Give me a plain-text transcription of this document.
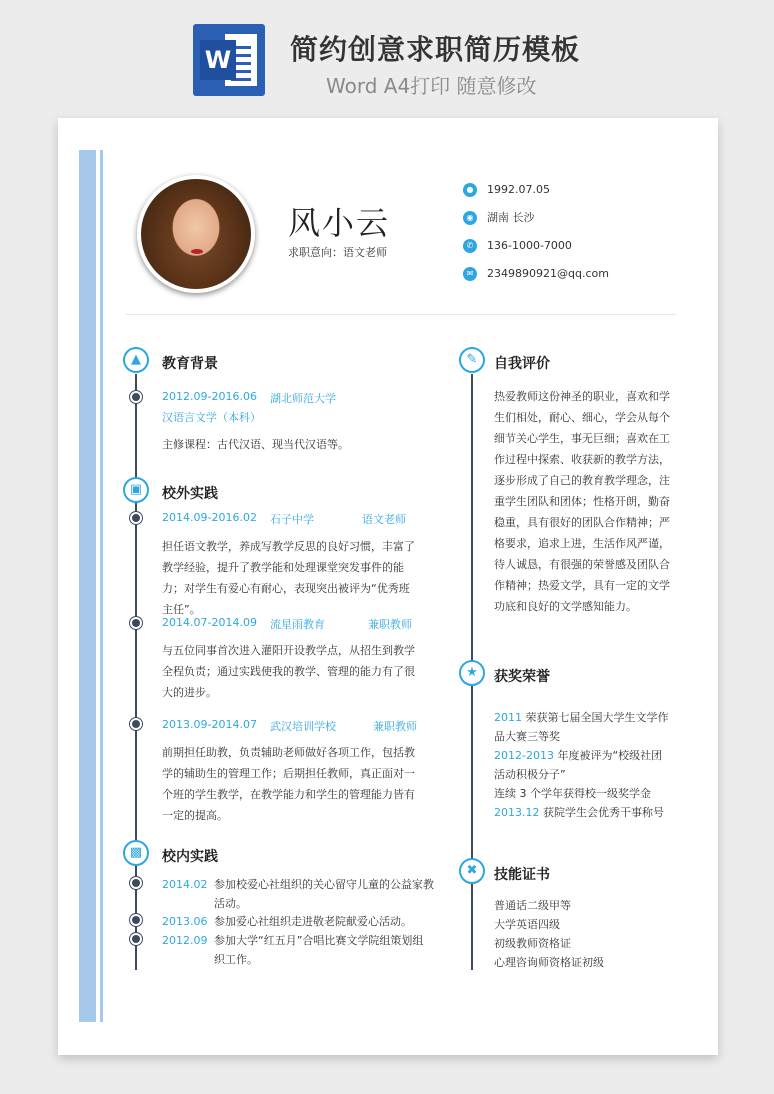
W 简约创意求职简历模板
Word A4打印 随意修改
风小云
求职意向：语文老师
●	1992.07.05
◉	湖南 长沙
✆	136-1000-7000
✉	2349890921@qq.com
▲	教育背景
2012.09-2016.06 湖北师范大学
汉语言文学（本科）
主修课程：古代汉语、现当代汉语等。
▣	校外实践
2014.09-2016.02 石子中学	语文老师
担任语文教学，养成写教学反思的良好习惯，丰富了教学经验，提升了教学能和处理课堂突发事件的能力；对学生有爱心有耐心，表现突出被评为“优秀班主任”。
2014.07-2014.09 流星雨教育	兼职教师
与五位同事首次进入灌阳开设教学点，从招生到教学全程负责；通过实践使我的教学、管理的能力有了很大的进步。
2013.09-2014.07 武汉培训学校	兼职教师
前期担任助教，负责辅助老师做好各项工作，包括教学的辅助生的管理工作；后期担任教师，真正面对一个班的学生教学，在教学能力和学生的管理能力皆有一定的提高。
▩	校内实践
2014.02 参加校爱心社组织的关心留守儿童的公益家教活动。
2013.06 参加爱心社组织走进敬老院献爱心活动。
2012.09 参加大学“红五月”合唱比赛文学院组策划组织工作。
✎	自我评价
热爱教师这份神圣的职业，喜欢和学生们相处，耐心、细心，学会从每个细节关心学生，事无巨细；喜欢在工作过程中探索、收获新的教学方法，逐步形成了自己的教育教学理念，注重学生团队和团体；性格开朗，勤奋稳重，具有很好的团队合作精神；严格要求，追求上进，生活作风严谨，待人诚恳，有很强的荣誉感及团队合作精神；热爱文学，具有一定的文学功底和良好的文学感知能力。
★	获奖荣誉
2011 荣获第七届全国大学生文学作品大赛三等奖
2012-2013 年度被评为“校级社团活动积极分子”
连续 3 个学年获得校一级奖学金
2013.12 获院学生会优秀干事称号
✖	技能证书
普通话二级甲等
大学英语四级
初级教师资格证
心理咨询师资格证初级
